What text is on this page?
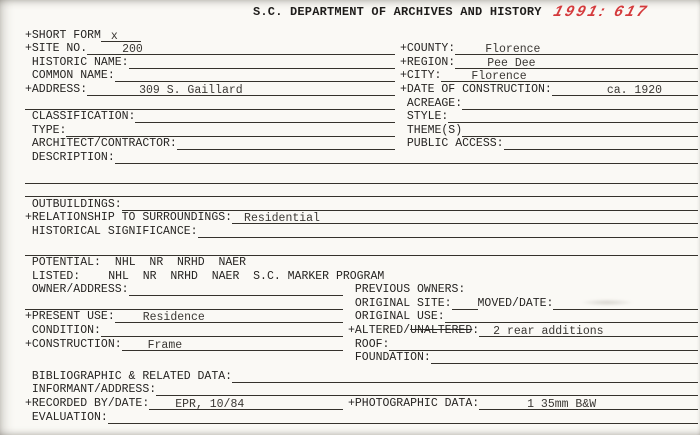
S.C. DEPARTMENT OF ARCHIVES AND HISTORY 1991: 617
+SHORT FORM x
+SITE NO.	200	+COUNTY:	Florence
HISTORIC NAME:	+REGION:	Pee Dee
COMMON NAME:	+CITY:	Florence
+ADDRESS:	309 S. Gaillard	+DATE OF CONSTRUCTION:	ca. 1920
ACREAGE:
CLASSIFICATION:	STYLE:
TYPE:	THEME(S)
ARCHITECT/CONTRACTOR:	PUBLIC ACCESS:
DESCRIPTION:
OUTBUILDINGS:
+RELATIONSHIP TO SURROUNDINGS:	Residential
HISTORICAL SIGNIFICANCE:
POTENTIAL: NHL  NR  NRHD  NAER
LISTED: NHL  NR  NRHD  NAER  S.C. MARKER PROGRAM
OWNER/ADDRESS:	PREVIOUS OWNERS:
ORIGINAL SITE: MOVED/DATE:
+PRESENT USE:	Residence	ORIGINAL USE:
CONDITION:	+ALTERED/ UNALTERED :	2 rear additions
+CONSTRUCTION:	Frame	ROOF:
FOUNDATION:
BIBLIOGRAPHIC & RELATED DATA:
INFORMANT/ADDRESS:
+RECORDED BY/DATE:	EPR, 10/84	+PHOTOGRAPHIC DATA:	1 35mm B&W
EVALUATION:
